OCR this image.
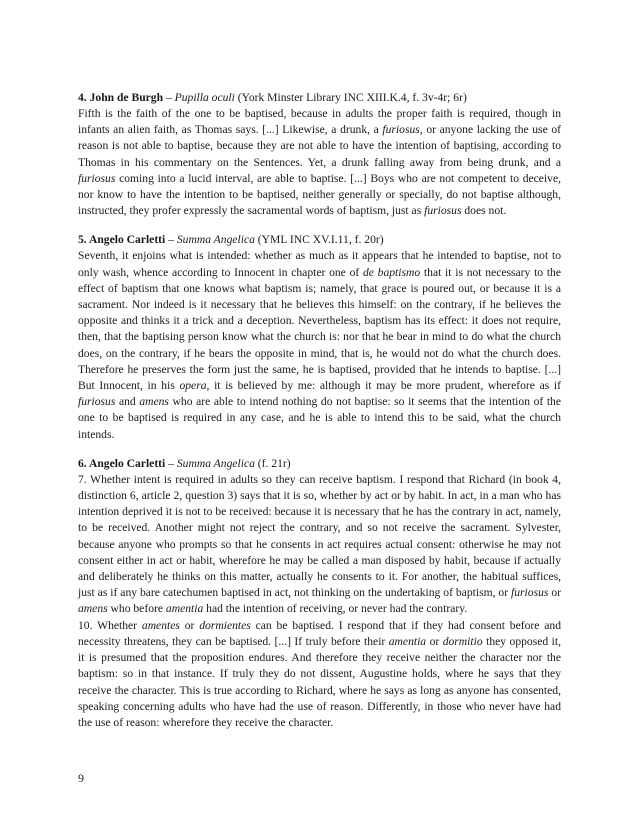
4. John de Burgh – Pupilla oculi (York Minster Library INC XIII.K.4, f. 3v-4r; 6r)

Fifth is the faith of the one to be baptised, because in adults the proper faith is required, though in infants an alien faith, as Thomas says. [...] Likewise, a drunk, a furiosus, or anyone lacking the use of reason is not able to baptise, because they are not able to have the intention of baptising, according to Thomas in his commentary on the Sentences. Yet, a drunk falling away from being drunk, and a furiosus coming into a lucid interval, are able to baptise. [...] Boys who are not competent to deceive, nor know to have the intention to be baptised, neither generally or specially, do not baptise although, instructed, they profer expressly the sacramental words of baptism, just as furiosus does not.

5. Angelo Carletti – Summa Angelica (YML INC XV.I.11, f. 20r)

Seventh, it enjoins what is intended: whether as much as it appears that he intended to baptise, not to only wash, whence according to Innocent in chapter one of de baptismo that it is not necessary to the effect of baptism that one knows what baptism is; namely, that grace is poured out, or because it is a sacrament. Nor indeed is it necessary that he believes this himself: on the contrary, if he believes the opposite and thinks it a trick and a deception. Nevertheless, baptism has its effect: it does not require, then, that the baptising person know what the church is: nor that he bear in mind to do what the church does, on the contrary, if he bears the opposite in mind, that is, he would not do what the church does. Therefore he preserves the form just the same, he is baptised, provided that he intends to baptise. [...] But Innocent, in his opera, it is believed by me: although it may be more prudent, wherefore as if furiosus and amens who are able to intend nothing do not baptise: so it seems that the intention of the one to be baptised is required in any case, and he is able to intend this to be said, what the church intends.

6. Angelo Carletti – Summa Angelica (f. 21r)

7. Whether intent is required in adults so they can receive baptism. I respond that Richard (in book 4, distinction 6, article 2, question 3) says that it is so, whether by act or by habit. In act, in a man who has intention deprived it is not to be received: because it is necessary that he has the contrary in act, namely, to be received. Another might not reject the contrary, and so not receive the sacrament. Sylvester, because anyone who prompts so that he consents in act requires actual consent: otherwise he may not consent either in act or habit, wherefore he may be called a man disposed by habit, because if actually and deliberately he thinks on this matter, actually he consents to it. For another, the habitual suffices, just as if any bare catechumen baptised in act, not thinking on the undertaking of baptism, or furiosus or amens who before amentia had the intention of receiving, or never had the contrary.

10. Whether amentes or dormientes can be baptised. I respond that if they had consent before and necessity threatens, they can be baptised. [...] If truly before their amentia or dormitio they opposed it, it is presumed that the proposition endures. And therefore they receive neither the character nor the baptism: so in that instance. If truly they do not dissent, Augustine holds, where he says that they receive the character. This is true according to Richard, where he says as long as anyone has consented, speaking concerning adults who have had the use of reason. Differently, in those who never have had the use of reason: wherefore they receive the character.

9
